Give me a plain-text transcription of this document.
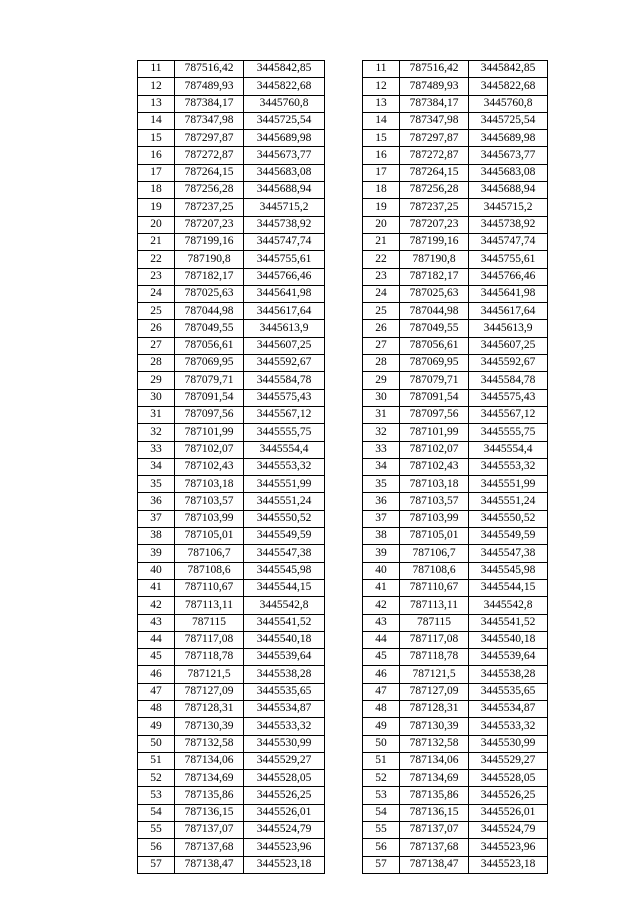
11	787516,42	3445842,85
12	787489,93	3445822,68
13	787384,17	3445760,8
14	787347,98	3445725,54
15	787297,87	3445689,98
16	787272,87	3445673,77
17	787264,15	3445683,08
18	787256,28	3445688,94
19	787237,25	3445715,2
20	787207,23	3445738,92
21	787199,16	3445747,74
22	787190,8	3445755,61
23	787182,17	3445766,46
24	787025,63	3445641,98
25	787044,98	3445617,64
26	787049,55	3445613,9
27	787056,61	3445607,25
28	787069,95	3445592,67
29	787079,71	3445584,78
30	787091,54	3445575,43
31	787097,56	3445567,12
32	787101,99	3445555,75
33	787102,07	3445554,4
34	787102,43	3445553,32
35	787103,18	3445551,99
36	787103,57	3445551,24
37	787103,99	3445550,52
38	787105,01	3445549,59
39	787106,7	3445547,38
40	787108,6	3445545,98
41	787110,67	3445544,15
42	787113,11	3445542,8
43	787115	3445541,52
44	787117,08	3445540,18
45	787118,78	3445539,64
46	787121,5	3445538,28
47	787127,09	3445535,65
48	787128,31	3445534,87
49	787130,39	3445533,32
50	787132,58	3445530,99
51	787134,06	3445529,27
52	787134,69	3445528,05
53	787135,86	3445526,25
54	787136,15	3445526,01
55	787137,07	3445524,79
56	787137,68	3445523,96
57	787138,47	3445523,18
11	787516,42	3445842,85
12	787489,93	3445822,68
13	787384,17	3445760,8
14	787347,98	3445725,54
15	787297,87	3445689,98
16	787272,87	3445673,77
17	787264,15	3445683,08
18	787256,28	3445688,94
19	787237,25	3445715,2
20	787207,23	3445738,92
21	787199,16	3445747,74
22	787190,8	3445755,61
23	787182,17	3445766,46
24	787025,63	3445641,98
25	787044,98	3445617,64
26	787049,55	3445613,9
27	787056,61	3445607,25
28	787069,95	3445592,67
29	787079,71	3445584,78
30	787091,54	3445575,43
31	787097,56	3445567,12
32	787101,99	3445555,75
33	787102,07	3445554,4
34	787102,43	3445553,32
35	787103,18	3445551,99
36	787103,57	3445551,24
37	787103,99	3445550,52
38	787105,01	3445549,59
39	787106,7	3445547,38
40	787108,6	3445545,98
41	787110,67	3445544,15
42	787113,11	3445542,8
43	787115	3445541,52
44	787117,08	3445540,18
45	787118,78	3445539,64
46	787121,5	3445538,28
47	787127,09	3445535,65
48	787128,31	3445534,87
49	787130,39	3445533,32
50	787132,58	3445530,99
51	787134,06	3445529,27
52	787134,69	3445528,05
53	787135,86	3445526,25
54	787136,15	3445526,01
55	787137,07	3445524,79
56	787137,68	3445523,96
57	787138,47	3445523,18
